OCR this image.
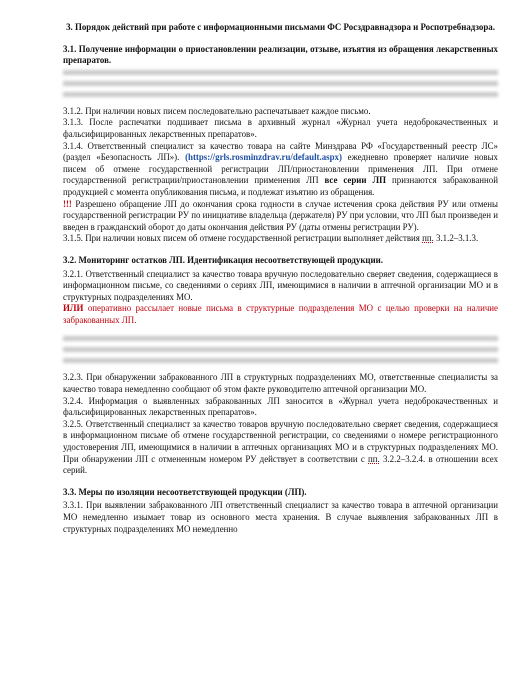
3. Порядок действий при работе с информационными письмами ФС Росздравнадзора и Роспотребнадзора.

3.1. Получение информации о приостановлении реализации, отзыве, изъятия из обращения лекарственных препаратов.

3.1.2. При наличии новых писем последовательно распечатывает каждое письмо.

3.1.3. После распечатки подшивает письма в архивный журнал «Журнал учета недоброкачественных и фальсифицированных лекарственных препаратов».

3.1.4. Ответственный специалист за качество товара на сайте Минздрава РФ «Государственный реестр ЛС» (раздел «Безопасность ЛП»). (https://grls.rosminzdrav.ru/default.aspx) ежедневно проверяет наличие новых писем об отмене государственной регистрации ЛП/приостановлении применения ЛП. При отмене государственной регистрации/приостановлении применения ЛП все серии ЛП признаются забракованной продукцией с момента опубликования письма, и подлежат изъятию из обращения.

!!! Разрешено обращение ЛП до окончания срока годности в случае истечения срока действия РУ или отмены государственной регистрации РУ по инициативе владельца (держателя) РУ при условии, что ЛП был произведен и введен в гражданский оборот до даты окончания действия РУ (даты отмены регистрации РУ).

3.1.5. При наличии новых писем об отмене государственной регистрации выполняет действия пп. 3.1.2–3.1.3.

3.2. Мониторинг остатков ЛП. Идентификация несоответствующей продукции.

3.2.1. Ответственный специалист за качество товара вручную последовательно сверяет сведения, содержащиеся в информационном письме, со сведениями о сериях ЛП, имеющимися в наличии в аптечной организации МО и в структурных подразделениях МО.

ИЛИ оперативно рассылает новые письма в структурные подразделения МО с целью проверки на наличие забракованных ЛП.

3.2.3. При обнаружении забракованного ЛП в структурных подразделениях МО, ответственные специалисты за качество товара немедленно сообщают об этом факте руководителю аптечной организации МО.

3.2.4. Информация о выявленных забракованных ЛП заносится в «Журнал учета недоброкачественных и фальсифицированных лекарственных препаратов».

3.2.5. Ответственный специалист за качество товаров вручную последовательно сверяет сведения, содержащиеся в информационном письме об отмене государственной регистрации, со сведениями о номере регистрационного удостоверения ЛП, имеющимися в наличии в аптечных организациях МО и в структурных подразделениях МО. При обнаружении ЛП с отмененным номером РУ действует в соответствии с пп. 3.2.2–3.2.4. в отношении всех серий.

3.3. Меры по изоляции несоответствующей продукции (ЛП).

3.3.1. При выявлении забракованного ЛП ответственный специалист за качество товара в аптечной организации МО немедленно изымает товар из основного места хранения. В случае выявления забракованных ЛП в структурных подразделениях МО немедленно
